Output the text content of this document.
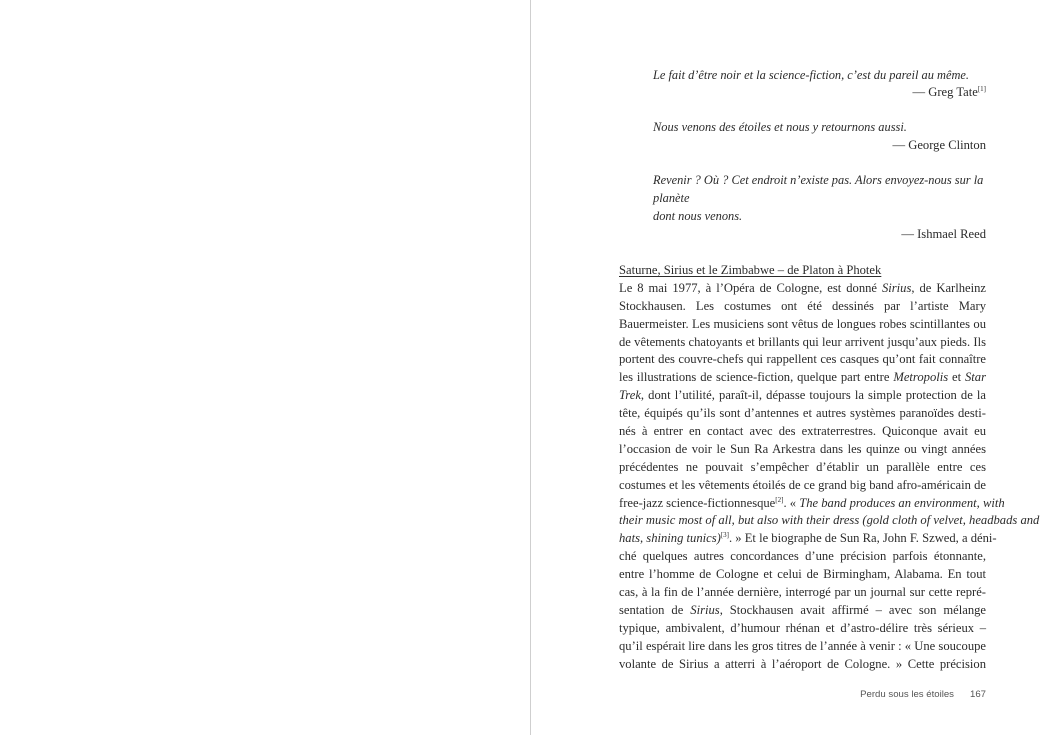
Le fait d’être noir et la science-fiction, c’est du pareil au même.

— Greg Tate[1]

Nous venons des étoiles et nous y retournons aussi.

— George Clinton

Revenir ? Où ? Cet endroit n’existe pas. Alors envoyez-nous sur la planète
dont nous venons.

— Ishmael Reed

Saturne, Sirius et le Zimbabwe – de Platon à Photek
Le 8 mai 1977, à l’Opéra de Cologne, est donné Sirius, de Karlheinz
Stockhausen. Les costumes ont été dessinés par l’artiste Mary
Bauermeister. Les musiciens sont vêtus de longues robes scintillantes ou
de vêtements chatoyants et brillants qui leur arrivent jusqu’aux pieds. Ils
portent des couvre-chefs qui rappellent ces casques qu’ont fait connaître
les illustrations de science-fiction, quelque part entre Metropolis et Star
Trek, dont l’utilité, paraît-il, dépasse toujours la simple protection de la
tête, équipés qu’ils sont d’antennes et autres systèmes paranoïdes desti-
nés à entrer en contact avec des extraterrestres. Quiconque avait eu
l’occasion de voir le Sun Ra Arkestra dans les quinze ou vingt années
précédentes ne pouvait s’empêcher d’établir un parallèle entre ces
costumes et les vêtements étoilés de ce grand big band afro-américain de
free-jazz science-fictionnesque[2]. « The band produces an environment, with
their music most of all, but also with their dress (gold cloth of velvet, headbads and
hats, shining tunics)[3]. » Et le biographe de Sun Ra, John F. Szwed, a déni-
ché quelques autres concordances d’une précision parfois étonnante,
entre l’homme de Cologne et celui de Birmingham, Alabama. En tout
cas, à la fin de l’année dernière, interrogé par un journal sur cette repré-
sentation de Sirius, Stockhausen avait affirmé – avec son mélange
typique, ambivalent, d’humour rhénan et d’astro-délire très sérieux –
qu’il espérait lire dans les gros titres de l’année à venir : « Une soucoupe
volante de Sirius a atterri à l’aéroport de Cologne. » Cette précision
Perdu sous les étoiles 167
